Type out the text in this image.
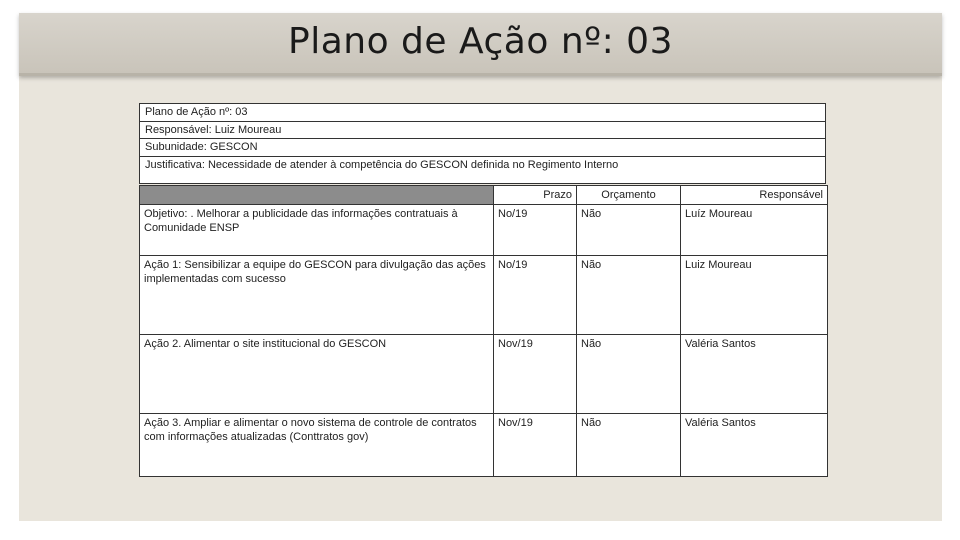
Plano de Ação nº: 03
Plano de Ação nº: 03
Responsável: Luiz Moureau
Subunidade: GESCON
Justificativa: Necessidade de atender à competência do GESCON definida no Regimento Interno
	Prazo	Orçamento	Responsável
Objetivo: . Melhorar a publicidade das informações contratuais à Comunidade ENSP	No/19	Não	Luíz Moureau
Ação 1: Sensibilizar a equipe do GESCON para divulgação das ações implementadas com sucesso	No/19	Não	Luiz Moureau
Ação 2. Alimentar o site institucional do GESCON	Nov/19	Não	Valéria Santos
Ação 3. Ampliar e alimentar o novo sistema de controle de contratos com informações atualizadas (Conttratos gov)	Nov/19	Não	Valéria Santos
